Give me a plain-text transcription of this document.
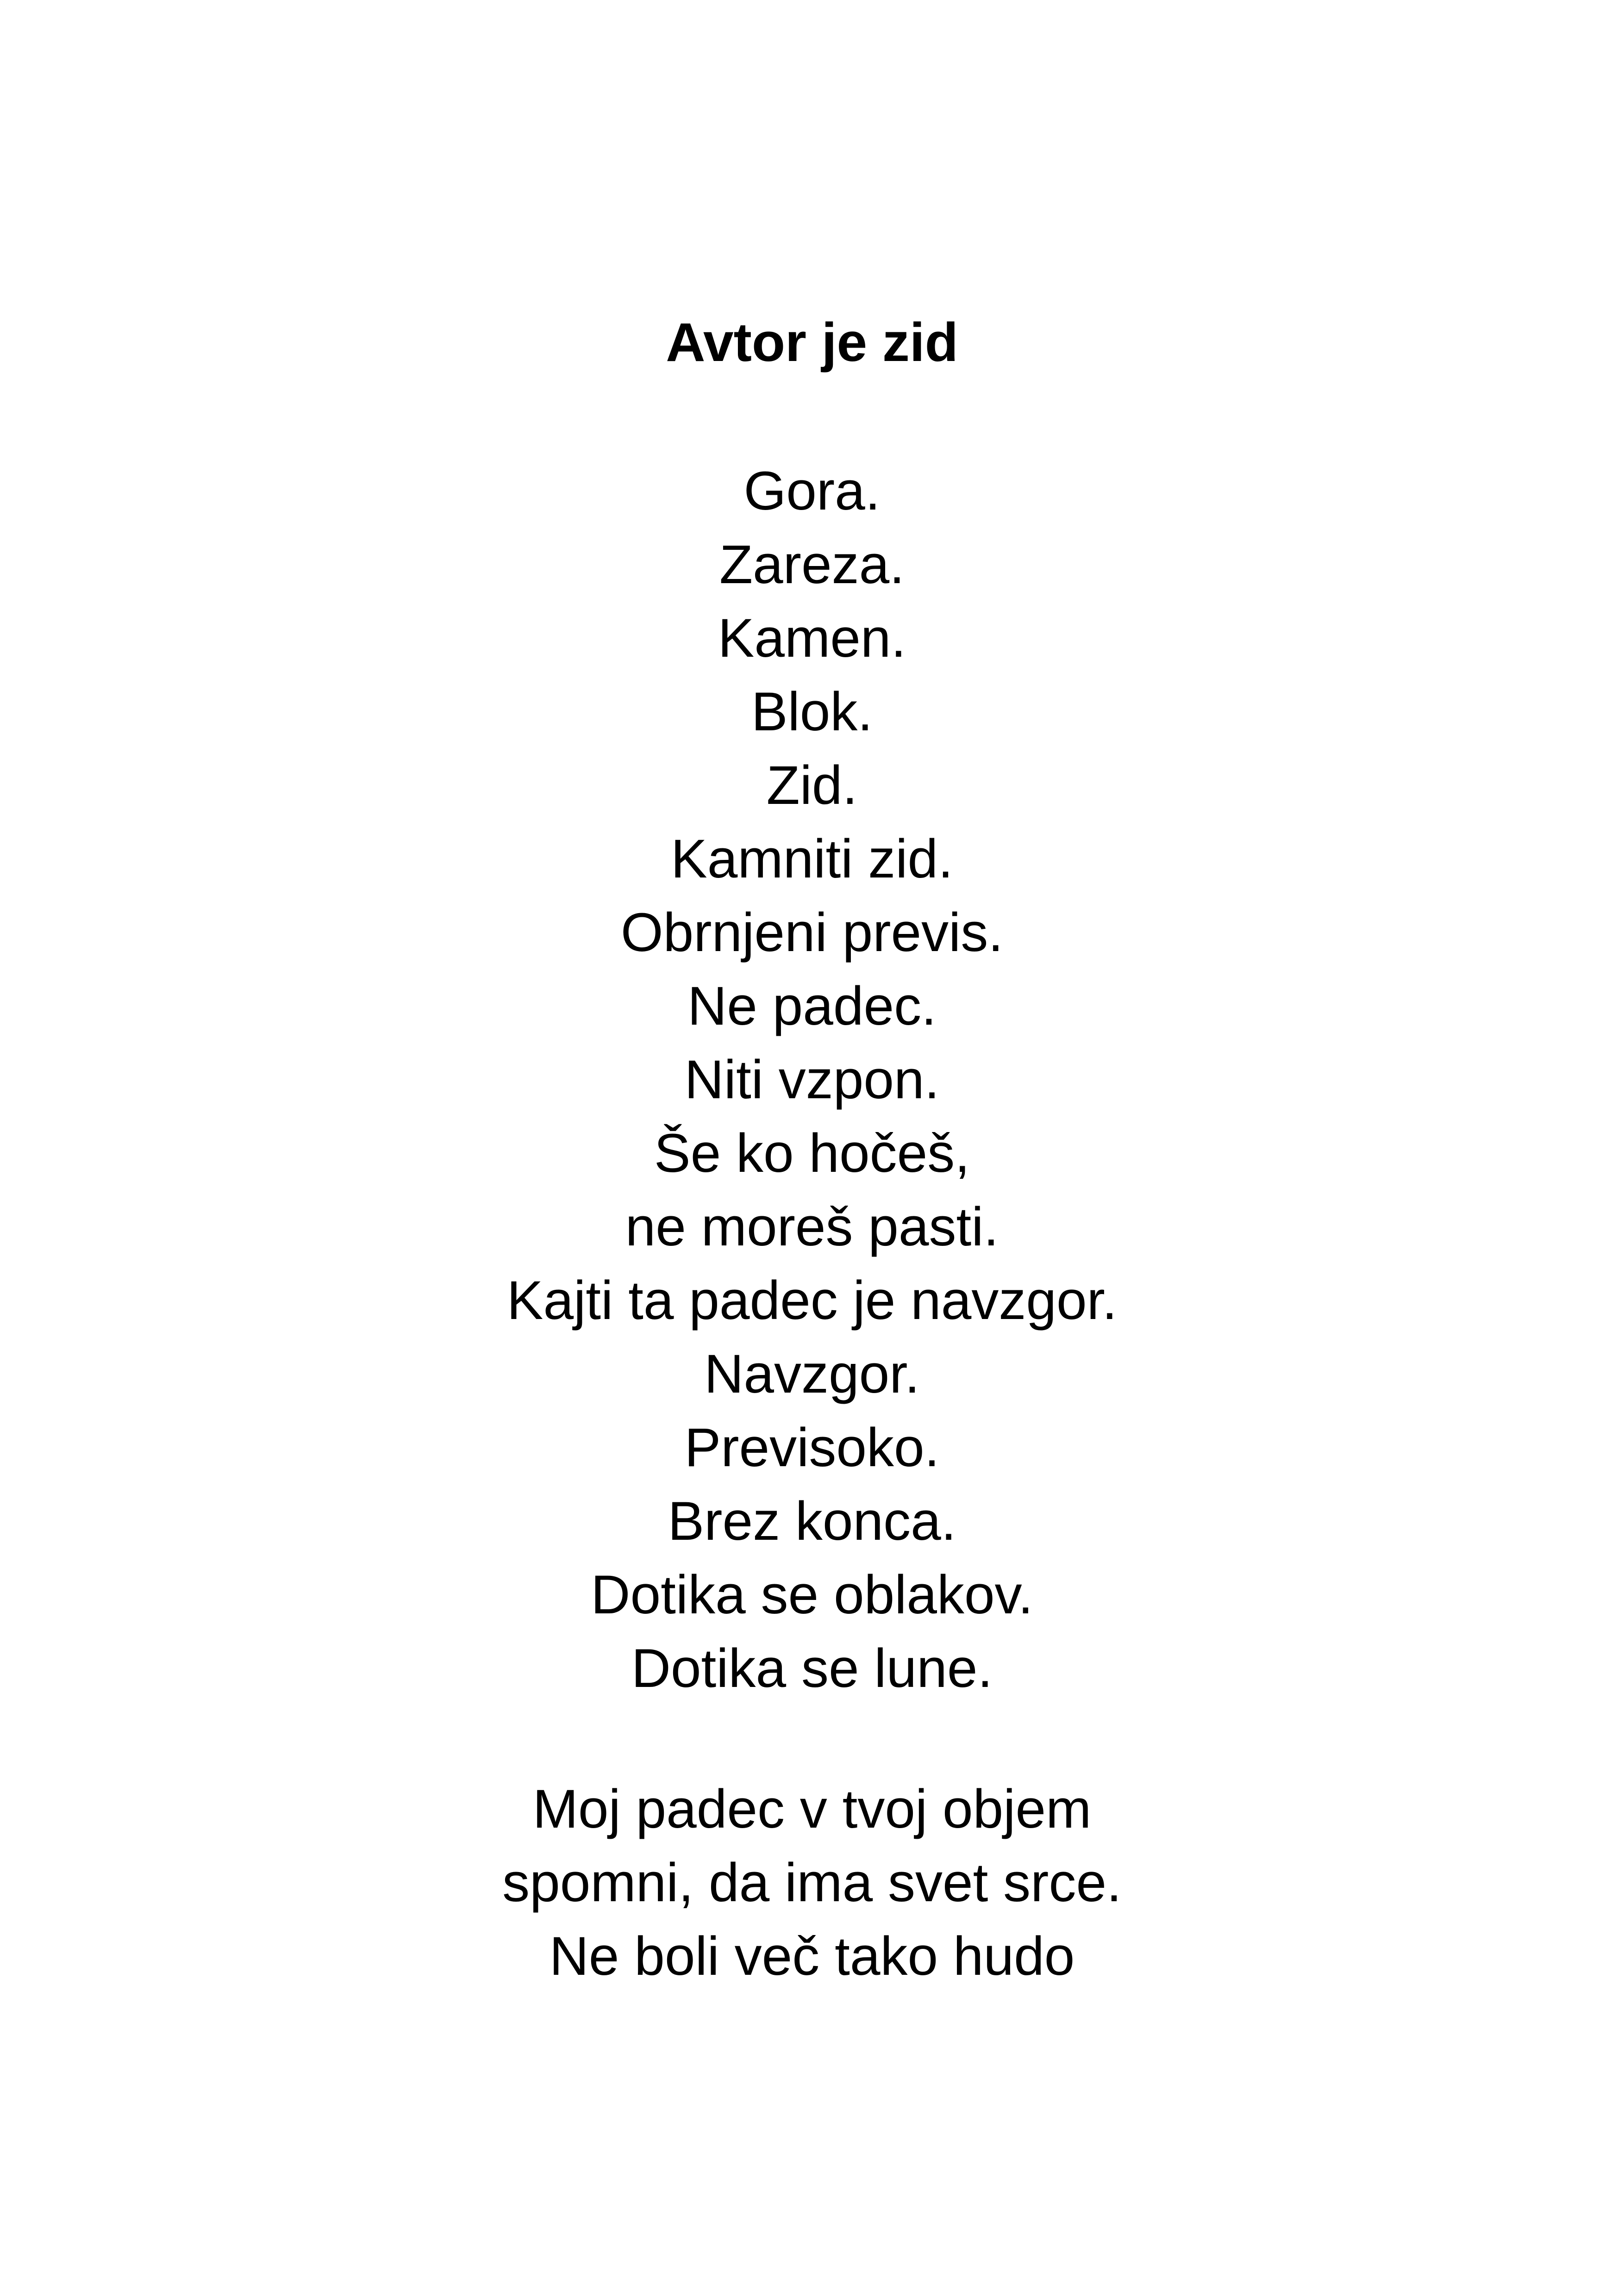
Avtor je zid
Gora.
Zareza.
Kamen.
Blok.
Zid.
Kamniti zid.
Obrnjeni previs.
Ne padec.
Niti vzpon.
Še ko hočeš,
ne moreš pasti.
Kajti ta padec je navzgor.
Navzgor.
Previsoko.
Brez konca.
Dotika se oblakov.
Dotika se lune.
Moj padec v tvoj objem
spomni, da ima svet srce.
Ne boli več tako hudo
